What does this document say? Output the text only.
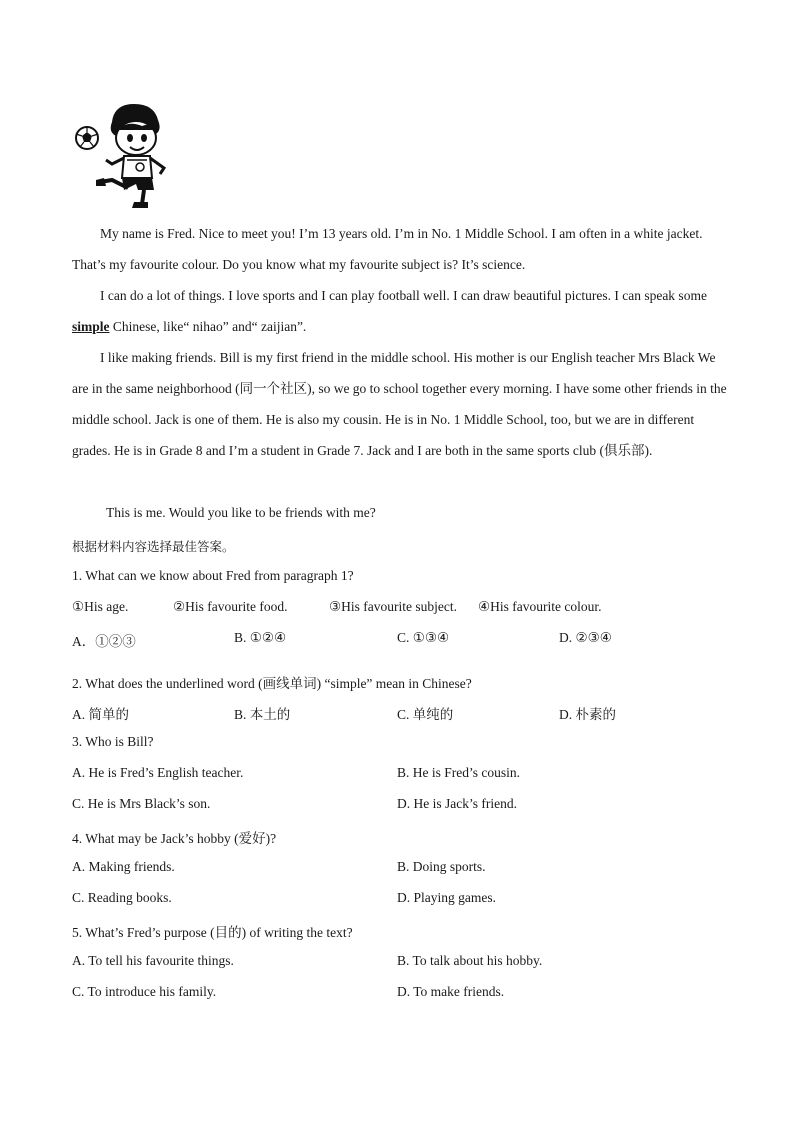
My name is Fred. Nice to meet you! I’m 13 years old. I’m in No. 1 Middle School. I am often in a white jacket. That’s my favourite colour. Do you know what my favourite subject is? It’s science.

I can do a lot of things. I love sports and I can play football well. I can draw beautiful pictures. I can speak some simple Chinese, like“ nihao” and“ zaijian”.

I like making friends. Bill is my first friend in the middle school. His mother is our English teacher Mrs Black We are in the same neighborhood (同一个社区), so we go to school together every morning. I have some other friends in the middle school. Jack is one of them. He is also my cousin. He is in No. 1 Middle School, too, but we are in different grades. He is in Grade 8 and I’m a student in Grade 7. Jack and I are both in the same sports club (俱乐部).

This is me. Would you like to be friends with me?
根据材料内容选择最佳答案。
1. What can we know about Fred from paragraph 1?
①His age.	②His favourite food.	③His favourite subject. ④His favourite colour.
A．①②③	B. ①②④	C. ①③④	D. ②③④
2. What does the underlined word (画线单词) “simple” mean in Chinese?
A. 简单的	B. 本土的	C. 单纯的	D. 朴素的
3. Who is Bill?
A. He is Fred’s English teacher.	B. He is Fred’s cousin.
C. He is Mrs Black’s son.	D. He is Jack’s friend.
4. What may be Jack’s hobby (爱好)?
A. Making friends.	B. Doing sports.
C. Reading books.	D. Playing games.
5. What’s Fred’s purpose (目的) of writing the text?
A. To tell his favourite things.	B. To talk about his hobby.
C. To introduce his family.	D. To make friends.
